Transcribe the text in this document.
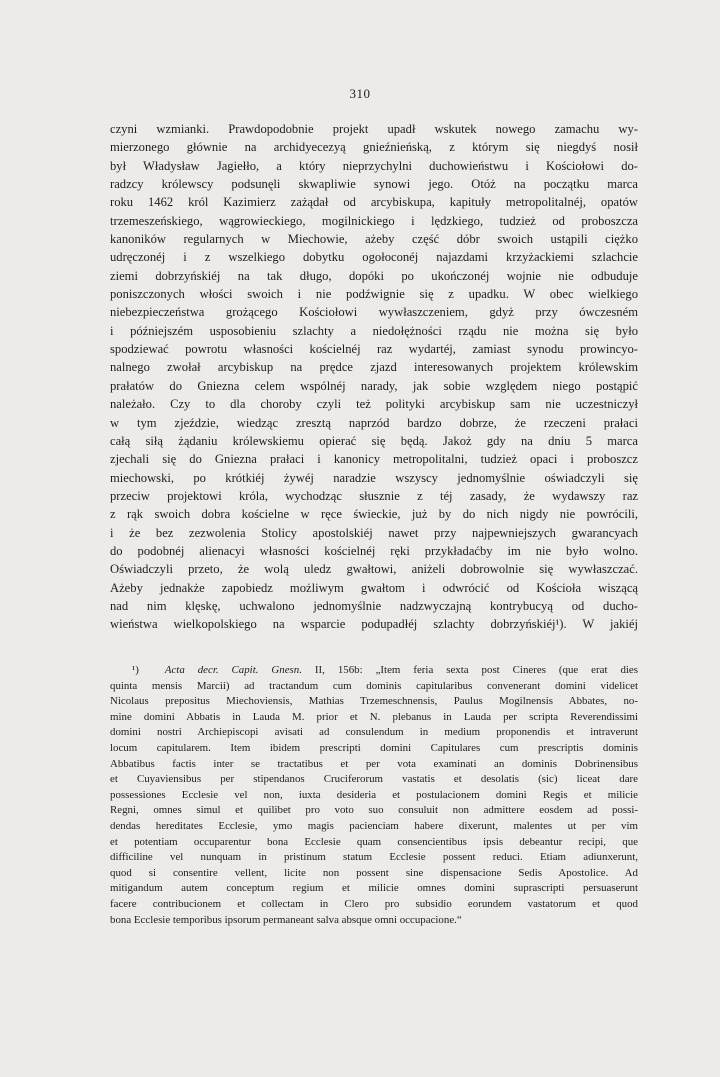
310
czyni wzmianki. Prawdopodobnie projekt upadł wskutek nowego zamachu wy-
mierzonego głównie na archidyecezyą gnieźnieńską, z którym się niegdyś nosił
był Władysław Jagiełło, a który nieprzychylni duchowieństwu i Kościołowi do-
radzcy królewscy podsunęli skwapliwie synowi jego. Otóż na początku marca
roku 1462 król Kazimierz zażądał od arcybiskupa, kapituły metropolitalnéj, opatów
trzemeszeńskiego, wągrowieckiego, mogilnickiego i lędzkiego, tudzież od proboszcza
kanoników regularnych w Miechowie, ażeby część dóbr swoich ustąpili ciężko
udręczonéj i z wszelkiego dobytku ogołoconéj najazdami krzyżackiemi szlachcie
ziemi dobrzyńskiéj na tak długo, dopóki po ukończonéj wojnie nie odbuduje
poniszczonych włości swoich i nie podźwignie się z upadku. W obec wielkiego
niebezpieczeństwa grożącego Kościołowi wywłaszczeniem, gdyż przy ówczesném
i późniejszém usposobieniu szlachty a niedołężności rządu nie można się było
spodziewać powrotu własności kościelnéj raz wydartéj, zamiast synodu prowincyo-
nalnego zwołał arcybiskup na prędce zjazd interesowanych projektem królewskim
prałatów do Gniezna celem wspólnéj narady, jak sobie względem niego postąpić
należało. Czy to dla choroby czyli też polityki arcybiskup sam nie uczestniczył
w tym zjeździe, wiedząc zresztą naprzód bardzo dobrze, że rzeczeni prałaci
całą siłą żądaniu królewskiemu opierać się będą. Jakoż gdy na dniu 5 marca
zjechali się do Gniezna prałaci i kanonicy metropolitalni, tudzież opaci i proboszcz
miechowski, po krótkiéj żywéj naradzie wszyscy jednomyślnie oświadczyli się
przeciw projektowi króla, wychodząc słusznie z téj zasady, że wydawszy raz
z rąk swoich dobra kościelne w ręce świeckie, już by do nich nigdy nie powrócili,
i że bez zezwolenia Stolicy apostolskiéj nawet przy najpewniejszych gwarancyach
do podobnéj alienacyi własności kościelnéj ręki przykładaćby im nie było wolno.
Oświadczyli przeto, że wolą uledz gwałtowi, aniżeli dobrowolnie się wywłaszczać.
Ażeby jednakże zapobiedz możliwym gwałtom i odwrócić od Kościoła wiszącą
nad nim klęskę, uchwalono jednomyślnie nadzwyczajną kontrybucyą od ducho-
wieństwa wielkopolskiego na wsparcie podupadłéj szlachty dobrzyńskiéj¹). W jakiéj
¹) Acta decr. Capit. Gnesn. II, 156b: „Item feria sexta post Cineres (que erat dies
quinta mensis Marcii) ad tractandum cum dominis capitularibus convenerant domini videlicet
Nicolaus prepositus Miechoviensis, Mathias Trzemeschnensis, Paulus Mogilnensis Abbates, no-
mine domini Abbatis in Lauda M. prior et N. plebanus in Lauda per scripta Reverendissimi
domini nostri Archiepiscopi avisati ad consulendum in medium proponendis et intraverunt
locum capitularem. Item ibidem prescripti domini Capitulares cum prescriptis dominis
Abbatibus factis inter se tractatibus et per vota examinati an dominis Dobrinensibus
et Cuyaviensibus per stipendanos Cruciferorum vastatis et desolatis (sic) liceat dare
possessiones Ecclesie vel non, iuxta desideria et postulacionem domini Regis et milicie
Regni, omnes simul et quilibet pro voto suo consuluit non admittere eosdem ad possi-
dendas hereditates Ecclesie, ymo magis pacienciam habere dixerunt, malentes ut per vim
et potentiam occuparentur bona Ecclesie quam consencientibus ipsis debeantur recipi, que
difficiline vel nunquam in pristinum statum Ecclesie possent reduci. Etiam adiunxerunt,
quod si consentire vellent, licite non possent sine dispensacione Sedis Apostolice. Ad
mitigandum autem conceptum regium et milicie omnes domini suprascripti persuaserunt
facere contribucionem et collectam in Clero pro subsidio eorundem vastatorum et quod
bona Ecclesie temporibus ipsorum permaneant salva absque omni occupacione.“
